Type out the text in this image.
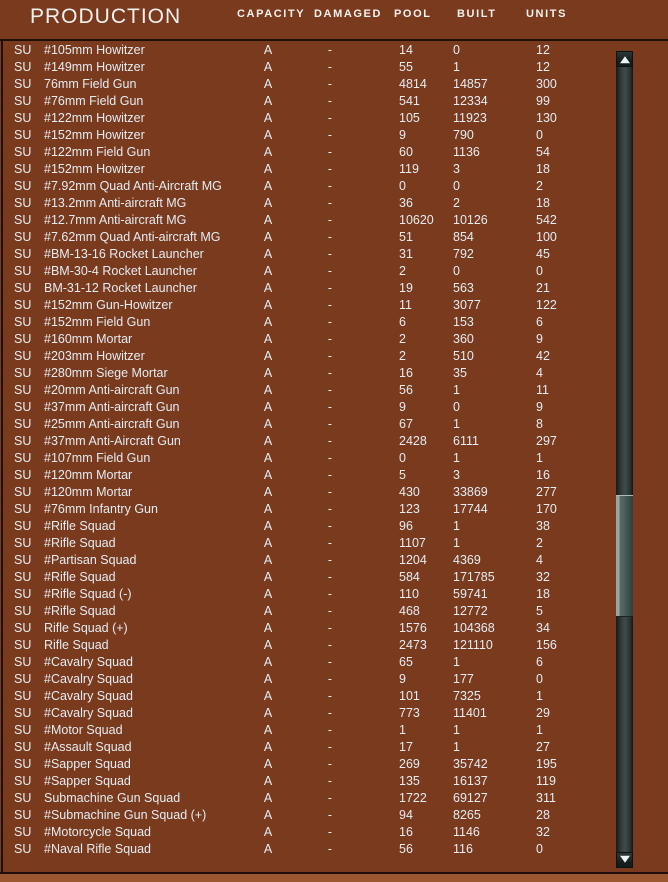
PRODUCTION	CAPACITY DAMAGED POOL BUILT	UNITS
SU #105mm Howitzer	A	-	14	0	12
SU #149mm Howitzer	A	-	55	1	12
SU 76mm Field Gun	A	-	4814 14857	300
SU #76mm Field Gun	A	-	541	12334	99
SU #122mm Howitzer	A	-	105	11923	130
SU #152mm Howitzer	A	-	9	790	0
SU #122mm Field Gun	A	-	60	1136	54
SU #152mm Howitzer	A	-	119	3	18
SU #7.92mm Quad Anti-Aircraft MG	A	-	0	0	2
SU #13.2mm Anti-aircraft MG	A	-	36	2	18
SU #12.7mm Anti-aircraft MG	A	-	10620 10126	542
SU #7.62mm Quad Anti-aircraft MG	A	-	51	854	100
SU #BM-13-16 Rocket Launcher	A	-	31	792	45
SU #BM-30-4 Rocket Launcher	A	-	2	0	0
SU BM-31-12 Rocket Launcher	A	-	19	563	21
SU #152mm Gun-Howitzer	A	-	11	3077	122
SU #152mm Field Gun	A	-	6	153	6
SU #160mm Mortar	A	-	2	360	9
SU #203mm Howitzer	A	-	2	510	42
SU #280mm Siege Mortar	A	-	16	35	4
SU #20mm Anti-aircraft Gun	A	-	56	1	11
SU #37mm Anti-aircraft Gun	A	-	9	0	9
SU #25mm Anti-aircraft Gun	A	-	67	1	8
SU #37mm Anti-Aircraft Gun	A	-	2428 6111	297
SU #107mm Field Gun	A	-	0	1	1
SU #120mm Mortar	A	-	5	3	16
SU #120mm Mortar	A	-	430	33869	277
SU #76mm Infantry Gun	A	-	123	17744	170
SU #Rifle Squad	A	-	96	1	38
SU #Rifle Squad	A	-	1107 1	2
SU #Partisan Squad	A	-	1204 4369	4
SU #Rifle Squad	A	-	584	171785	32
SU #Rifle Squad (-)	A	-	110	59741	18
SU #Rifle Squad	A	-	468	12772	5
SU Rifle Squad (+)	A	-	1576 104368	34
SU Rifle Squad	A	-	2473 121110	156
SU #Cavalry Squad	A	-	65	1	6
SU #Cavalry Squad	A	-	9	177	0
SU #Cavalry Squad	A	-	101	7325	1
SU #Cavalry Squad	A	-	773	11401	29
SU #Motor Squad	A	-	1	1	1
SU #Assault Squad	A	-	17	1	27
SU #Sapper Squad	A	-	269	35742	195
SU #Sapper Squad	A	-	135	16137	119
SU Submachine Gun Squad	A	-	1722 69127	311
SU #Submachine Gun Squad (+)	A	-	94	8265	28
SU #Motorcycle Squad	A	-	16	1146	32
SU #Naval Rifle Squad	A	-	56	116	0
